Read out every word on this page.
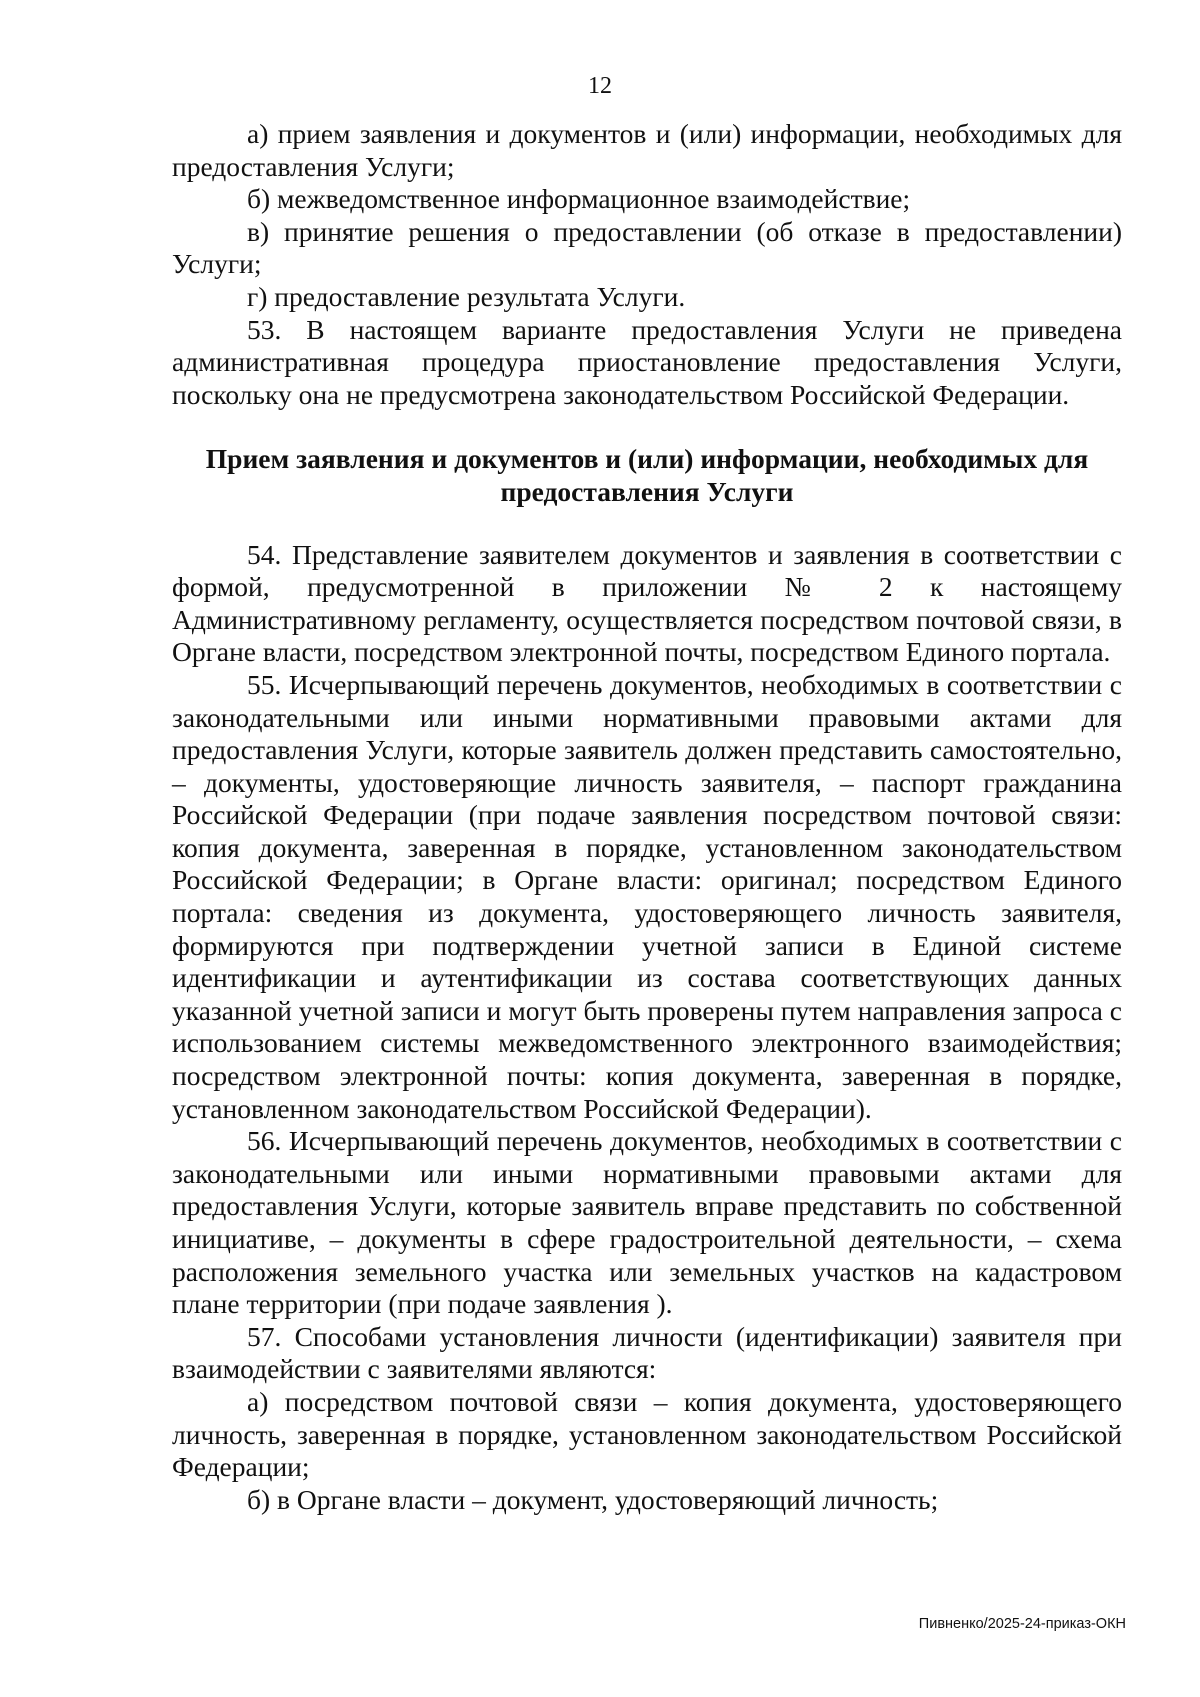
12

а) прием заявления и документов и (или) информации, необходимых для предоставления Услуги;

б) межведомственное информационное взаимодействие;

в) принятие решения о предоставлении (об отказе в предоставлении) Услуги;

г) предоставление результата Услуги.

53. В настоящем варианте предоставления Услуги не приведена административная процедура приостановление предоставления Услуги, поскольку она не предусмотрена законодательством Российской Федерации.

Прием заявления и документов и (или) информации, необходимых для

предоставления Услуги

54. Представление заявителем документов и заявления в соответствии с формой, предусмотренной в приложении № 2 к настоящему Административному регламенту, осуществляется посредством почтовой связи, в Органе власти, посредством электронной почты, посредством Единого портала.

55. Исчерпывающий перечень документов, необходимых в соответствии с законодательными или иными нормативными правовыми актами для предоставления Услуги, которые заявитель должен представить самостоятельно, – документы, удостоверяющие личность заявителя, – паспорт гражданина Российской Федерации (при подаче заявления посредством почтовой связи: копия документа, заверенная в порядке, установленном законодательством Российской Федерации; в Органе власти: оригинал; посредством Единого портала: сведения из документа, удостоверяющего личность заявителя, формируются при подтверждении учетной записи в Единой системе идентификации и аутентификации из состава соответствующих данных указанной учетной записи и могут быть проверены путем направления запроса с использованием системы межведомственного электронного взаимодействия; посредством электронной почты: копия документа, заверенная в порядке, установленном законодательством Российской Федерации).

56. Исчерпывающий перечень документов, необходимых в соответствии с законодательными или иными нормативными правовыми актами для предоставления Услуги, которые заявитель вправе представить по собственной инициативе, – документы в сфере градостроительной деятельности, – схема расположения земельного участка или земельных участков на кадастровом плане территории (при подаче заявления ).

57. Способами установления личности (идентификации) заявителя при взаимодействии с заявителями являются:

а) посредством почтовой связи – копия документа, удостоверяющего личность, заверенная в порядке, установленном законодательством Российской Федерации;

б) в Органе власти – документ, удостоверяющий личность;

Пивненко/2025-24-приказ-ОКН
